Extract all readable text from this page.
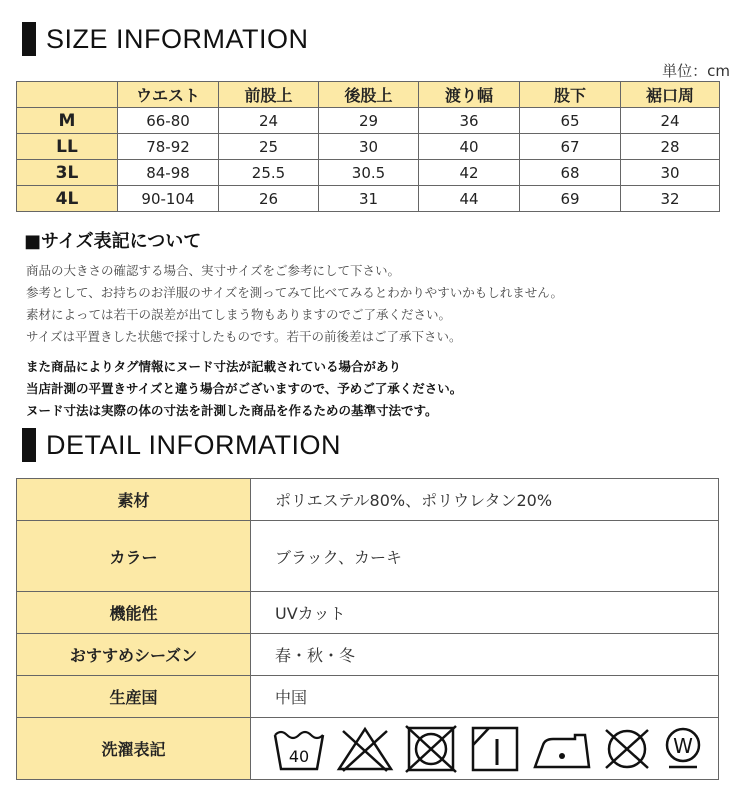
SIZE INFORMATION
単位：cm
	ウエスト	前股上	後股上	渡り幅	股下	裾口周
M	66-80	24	29	36	65	24
LL	78-92	25	30	40	67	28
3L	84-98	25.5	30.5	42	68	30
4L	90-104	26	31	44	69	32
■サイズ表記について
商品の大きさの確認する場合、実寸サイズをご参考にして下さい。
参考として、お持ちのお洋服のサイズを測ってみて比べてみるとわかりやすいかもしれません。
素材によっては若干の誤差が出てしまう物もありますのでご了承ください。
サイズは平置きした状態で採寸したものです。若干の前後差はご了承下さい。
また商品によりタグ情報にヌード寸法が記載されている場合があり
当店計測の平置きサイズと違う場合がございますので、予めご了承ください。
ヌード寸法は実際の体の寸法を計測した商品を作るための基準寸法です。
DETAIL INFORMATION
素材	ポリエステル80%、ポリウレタン20%
カラー	ブラック、カーキ
機能性	UVカット
おすすめシーズン	春・秋・冬
生産国	中国
洗濯表記	40 W
